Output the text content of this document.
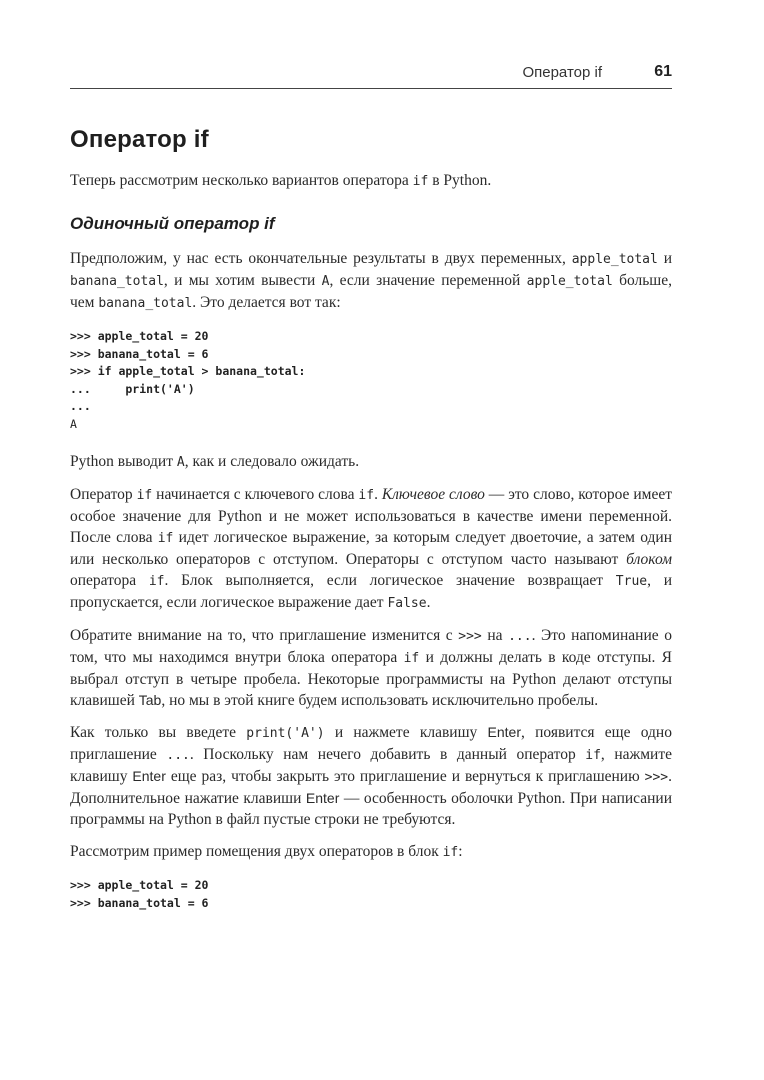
Оператор if	61
Оператор if

Теперь рассмотрим несколько вариантов оператора if в Python.

Одиночный оператор if

Предположим, у нас есть окончательные результаты в двух переменных, apple_total и banana_total, и мы хотим вывести A, если значение переменной apple_total больше, чем banana_total. Это делается вот так:

>>> apple_total = 20
>>> banana_total = 6
>>> if apple_total > banana_total:
...     print('A')
...
A

Python выводит A, как и следовало ожидать.

Оператор if начинается с ключевого слова if. Ключевое слово — это слово, которое имеет особое значение для Python и не может использоваться в качестве имени переменной. После слова if идет логическое выражение, за которым следует двоеточие, а затем один или несколько операторов с отступом. Операторы с отступом часто называют блоком оператора if. Блок выполняется, если логическое значение возвращает True, и пропускается, если логическое выражение дает False.

Обратите внимание на то, что приглашение изменится с >>> на .... Это напоминание о том, что мы находимся внутри блока оператора if и должны делать в коде отступы. Я выбрал отступ в четыре пробела. Некоторые программисты на Python делают отступы клавишей Tab, но мы в этой книге будем использовать исключительно пробелы.

Как только вы введете print('A') и нажмете клавишу Enter, появится еще одно приглашение .... Поскольку нам нечего добавить в данный оператор if, нажмите клавишу Enter еще раз, чтобы закрыть это приглашение и вернуться к приглашению >>>. Дополнительное нажатие клавиши Enter — особенность оболочки Python. При написании программы на Python в файл пустые строки не требуются.

Рассмотрим пример помещения двух операторов в блок if:

>>> apple_total = 20
>>> banana_total = 6
